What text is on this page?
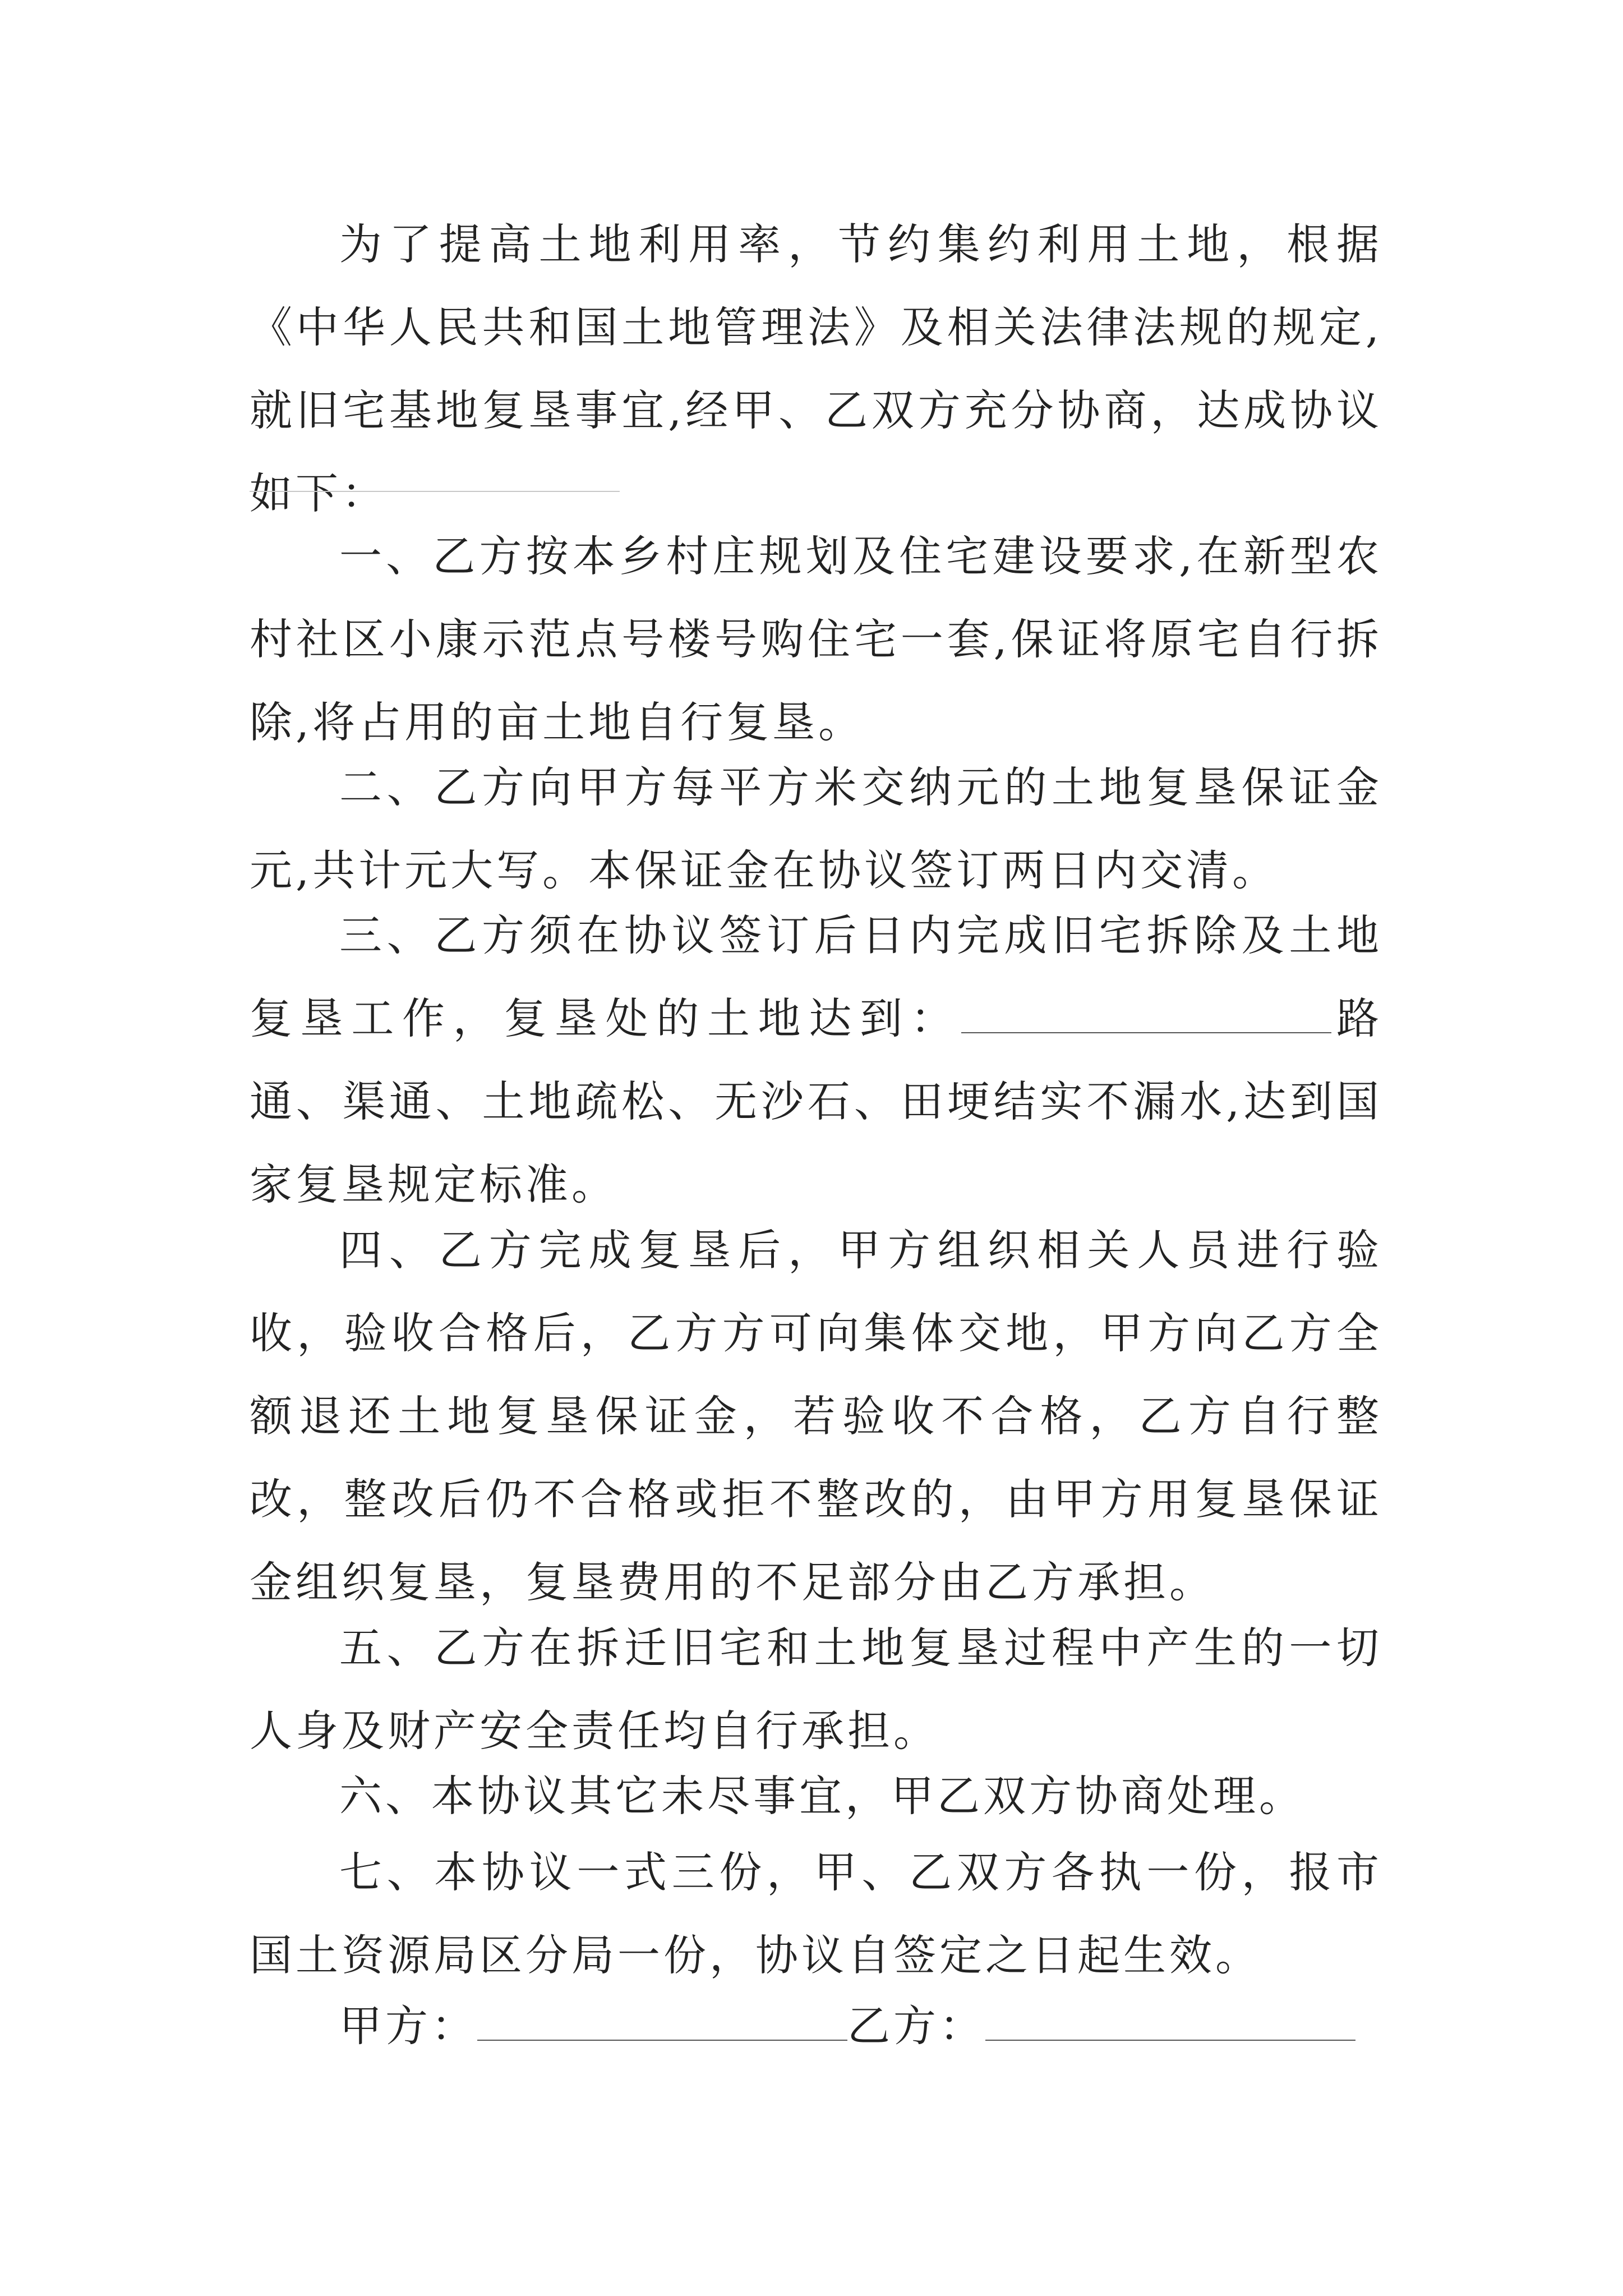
为了提高土地利用率，节约集约利用土地，根据《中华人民共和国土地管理法》及相关法律法规的规定,就旧宅基地复垦事宜,经甲、乙双方充分协商，达成协议如下：

一、乙方按本乡村庄规划及住宅建设要求,在新型农村社区小康示范点号楼号购住宅一套,保证将原宅自行拆除,将占用的亩土地自行复垦。

二、乙方向甲方每平方米交纳元的土地复垦保证金元,共计元大写。本保证金在协议签订两日内交清。

三、乙方须在协议签订后日内完成旧宅拆除及土地复垦工作，复垦处的土地达到：	路通、渠通、土地疏松、无沙石、田埂结实不漏水,达到国家复垦规定标准。

四、乙方完成复垦后，甲方组织相关人员进行验收，验收合格后，乙方方可向集体交地，甲方向乙方全额退还土地复垦保证金，若验收不合格，乙方自行整改，整改后仍不合格或拒不整改的，由甲方用复垦保证金组织复垦，复垦费用的不足部分由乙方承担。

五、乙方在拆迁旧宅和土地复垦过程中产生的一切人身及财产安全责任均自行承担。

六、本协议其它未尽事宜，甲乙双方协商处理。

七、本协议一式三份，甲、乙双方各执一份，报市国土资源局区分局一份，协议自签定之日起生效。

甲方：	乙方：
